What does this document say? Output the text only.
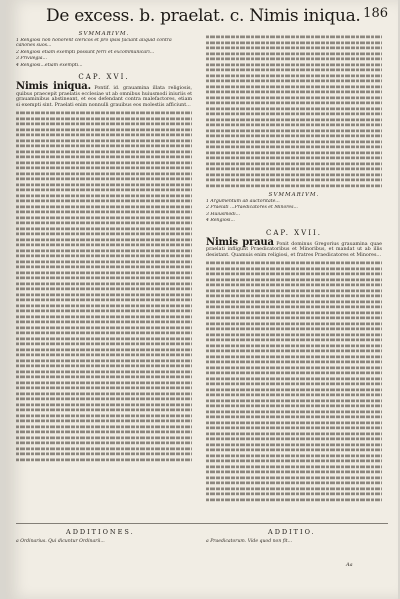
De excess. b. praelat. c. Nimis iniqua. 186
SVMMARIVM.

1 Religiosi non honorent clericos et pro ipsis faciant aliquid contra canones suos...

2 Religiosi etiam exempti possunt ferri et excommunicari...

3 Privilegia...

4 Religiosi...etiam exempti...

CAP. XVI.

Nimis iniqua. Pontif. id. grauamina illata religiosis, quibus praecepit praelatis ecclesiae ut ab omnibus huiusmodi iniuriis et grauaminibus abstineant, et eos defendant contra malefactores, etiam si exempti sint. Praelati enim nonnulli grauibus eos molestiis afficiunt...

SVMMARIVM.

1 Argumentum ab auctoritate...

2 Praelati ...Praedicatores et Minores...

3 Huiusmodi...

4 Religiosi...

CAP. XVII.

Nimis praua Ponit dominus Gregorius grauamina quae praelati infligunt Praedicatoribus et Minoribus, et mandat ut ab illis desistant. Quamuis enim religiosi, et fratres Praedicatores et Minores...

ADDITIONES.	ADDITIO.
a Ordinarius. Qui dicuntur Ordinarii...	a Praedicatorum. Vide quod non fit...
Aa
